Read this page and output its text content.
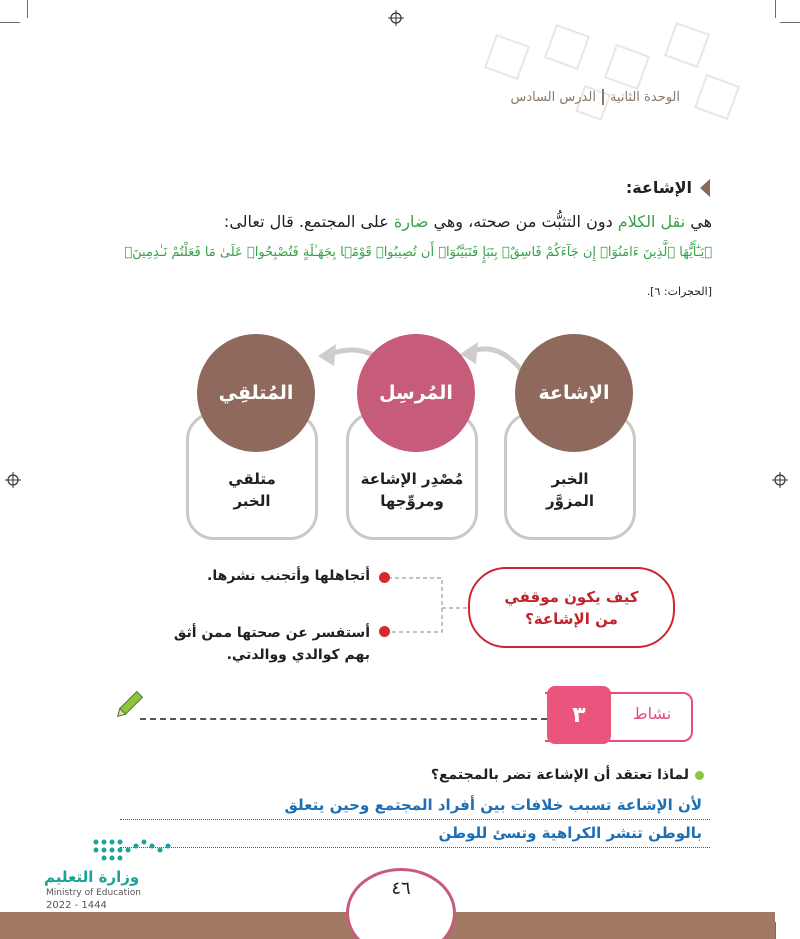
الوحدة الثانية
الدرس السادس
الإشاعة:
هي نقل الكلام دون التثبُّت من صحته، وهي ضارة على المجتمع. قال تعالى:
﴿يَـٰٓأَيُّهَا ٱلَّذِينَ ءَامَنُوٓا۟ إِن جَآءَكُمْ فَاسِقٌۢ بِنَبَإٍ فَتَبَيَّنُوٓا۟ أَن تُصِيبُوا۟ قَوْمًۢا بِجَهَـٰلَةٍ فَتُصْبِحُوا۟ عَلَىٰ مَا فَعَلْتُمْ نَـٰدِمِينَ﴾
[الحجرات: ٦].
الإشاعة
الخبر
المزوَّر
المُرسِل
مُصْدِر الإشاعة
ومروِّجها
المُتلقِي
متلقي
الخبر
كيف يكون موقفي
من الإشاعة؟
أتجاهلها وأتجنب نشرها.
أستفسر عن صحتها ممن أثق
بهم كوالدي ووالدتي.
٣	نشاط
لماذا تعتقد أن الإشاعة تضر بالمجتمع؟
لأن الإشاعة تسبب خلافات بين أفراد المجتمع وحين يتعلق
بالوطن تنشر الكراهية وتسئ للوطن
وزارة التعليم
Ministry of Education
2022 - 1444
٤٦
